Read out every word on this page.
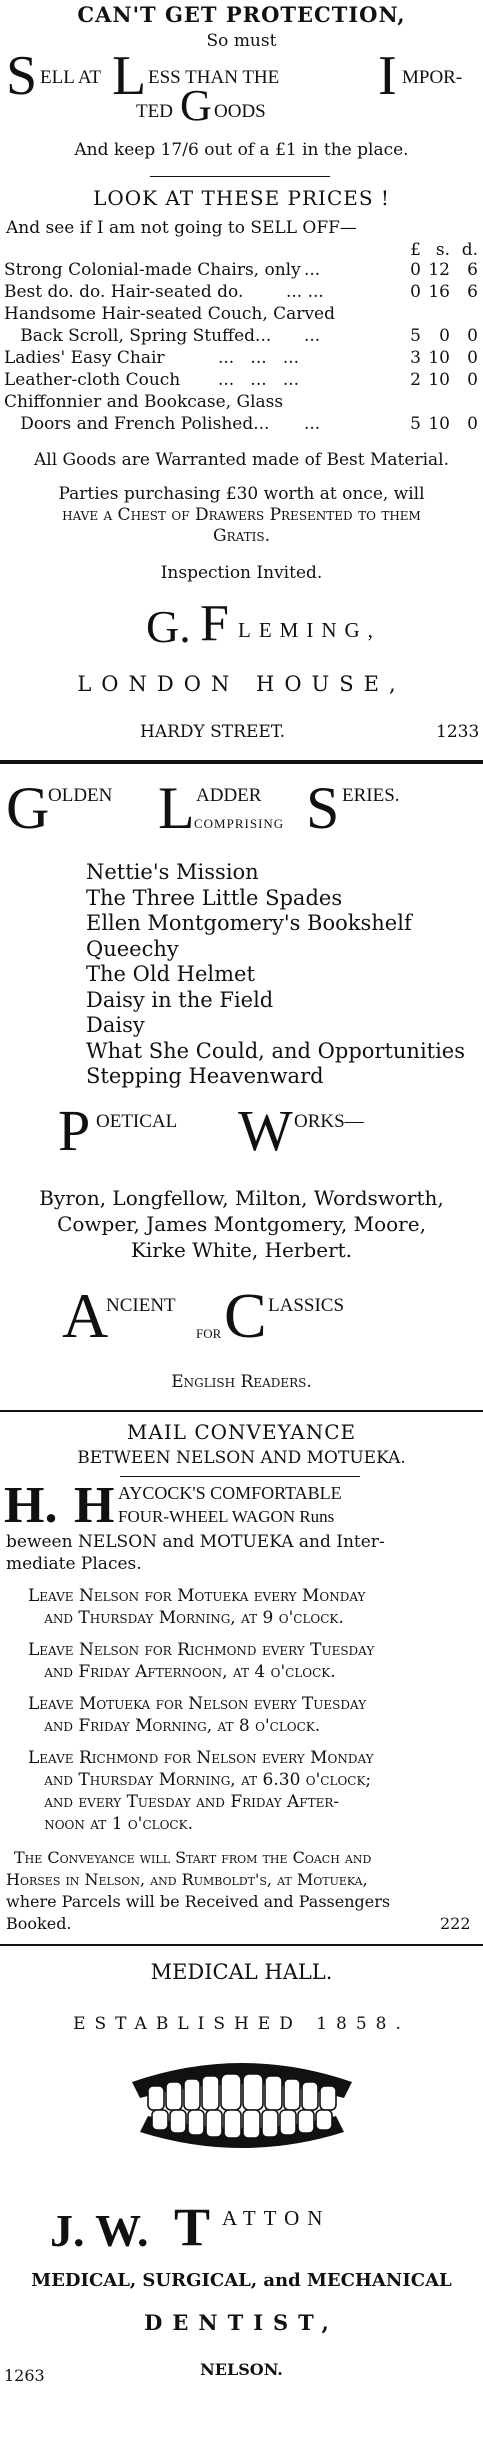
CAN'T GET PROTECTION,
So must
S ELL AT L ESS THAN THE I MPOR-
TED G OODS
And keep 17/6 out of a £1 in the place.
LOOK AT THESE PRICES !
And see if I am not going to SELL OFF—
£ s. d.
Strong Colonial-made Chairs, only ...	0 12	6
Best do. do. Hair-seated do.	... ...	0 16	6
Handsome Hair-seated Couch, Carved
Back Scroll, Spring Stuffed... ...	5	0	0
Ladies' Easy Chair	...   ...   ...	3 10	0
Leather-cloth Couch ...   ...   ...	2 10	0
Chiffonnier and Bookcase, Glass
Doors and French Polished... ...	5 10	0
All Goods are Warranted made of Best Material.
Parties purchasing £30 worth at once, will
have a Chest of Drawers Presented to them
Gratis.
Inspection Invited.
G. F LEMING,
LONDON HOUSE,
HARDY STREET.	1233
G
OLDEN L ADDER
COMPRISING S ERIES.
Nettie's Mission
The Three Little Spades
Ellen Montgomery's Bookshelf
Queechy
The Old Helmet
Daisy in the Field
Daisy
What She Could, and Opportunities
Stepping Heavenward
P OETICAL W ORKS—
Byron, Longfellow, Milton, Wordsworth,
Cowper, James Montgomery, Moore,
Kirke White, Herbert.
A
NCIENT C LASSICS
FOR
English Readers.
MAIL CONVEYANCE
BETWEEN NELSON AND MOTUEKA.
H. H AYCOCK'S COMFORTABLE
FOUR-WHEEL WAGON Runs
beween NELSON and MOTUEKA and Inter-
mediate Places.
Leave Nelson for Motueka every Monday
and Thursday Morning, at 9 o'clock.
Leave Nelson for Richmond every Tuesday
and Friday Afternoon, at 4 o'clock.
Leave Motueka for Nelson every Tuesday
and Friday Morning, at 8 o'clock.
Leave Richmond for Nelson every Monday
and Thursday Morning, at 6.30 o'clock;
and every Tuesday and Friday After-
noon at 1 o'clock.
The Conveyance will Start from the Coach and
Horses in Nelson, and Rumboldt's, at Motueka,
where Parcels will be Received and Passengers
Booked.	222
MEDICAL HALL.
ESTABLISHED 1858.
J. W. T ATTON
MEDICAL, SURGICAL, and MECHANICAL
DENTIST,
1263	NELSON.
